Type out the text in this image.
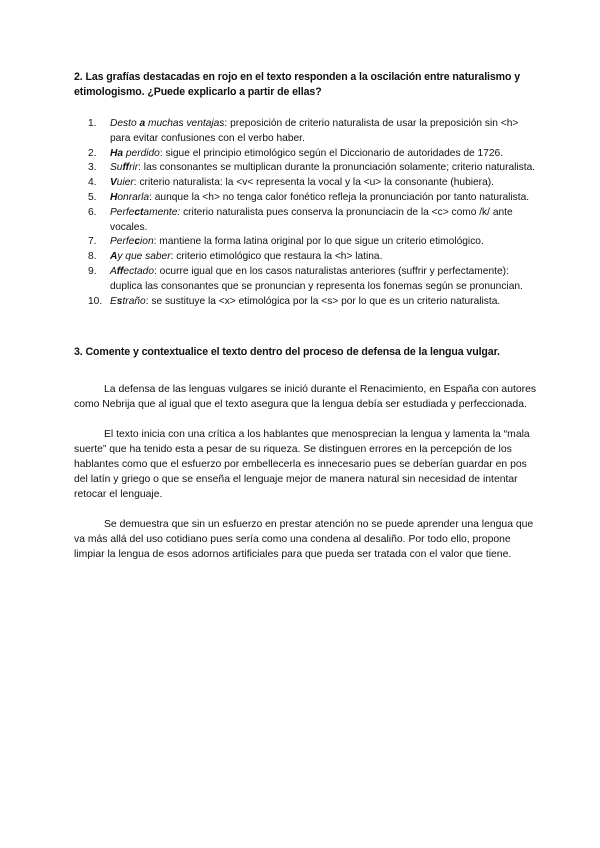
2. Las grafías destacadas en rojo en el texto responden a la oscilación entre naturalismo y etimologismo. ¿Puede explicarlo a partir de ellas?
1. Desto a muchas ventajas: preposición de criterio naturalista de usar la preposición sin <h> para evitar confusiones con el verbo haber.
2. Ha perdido: sigue el principio etimológico según el Diccionario de autoridades de 1726.
3. Suffrir: las consonantes se multiplican durante la pronunciación solamente; criterio naturalista.
4. Vuier: criterio naturalista: la <v< representa la vocal y la <u> la consonante (hubiera).
5. Honrarla: aunque la <h> no tenga calor fonético refleja la pronunciación por tanto naturalista.
6. Perfectamente: criterio naturalista pues conserva la pronunciacin de la <c> como /k/ ante vocales.
7. Perfecion: mantiene la forma latina original por lo que sigue un criterio etimológico.
8. Ay que saber: criterio etimológico que restaura la <h> latina.
9. Affectado: ocurre igual que en los casos naturalistas anteriores (suffrir y perfectamente): duplica las consonantes que se pronuncian y representa los fonemas según se pronuncian.
10. Estraño: se sustituye la <x> etimológica por la <s> por lo que es un criterio naturalista.
3. Comente y contextualice el texto dentro del proceso de defensa de la lengua vulgar.

La defensa de las lenguas vulgares se inició durante el Renacimiento, en España con autores como Nebrija que al igual que el texto asegura que la lengua debía ser estudiada y perfeccionada.

El texto inicia con una crítica a los hablantes que menosprecian la lengua y lamenta la “mala suerte” que ha tenido esta a pesar de su riqueza. Se distinguen errores en la percepción de los hablantes como que el esfuerzo por embellecerla es innecesario pues se deberían guardar en pos del latín y griego o que se enseña el lenguaje mejor de manera natural sin necesidad de intentar retocar el lenguaje.

Se demuestra que sin un esfuerzo en prestar atención no se puede aprender una lengua que va más allá del uso cotidiano pues sería como una condena al desaliño. Por todo ello, propone limpiar la lengua de esos adornos artificiales para que pueda ser tratada con el valor que tiene.
